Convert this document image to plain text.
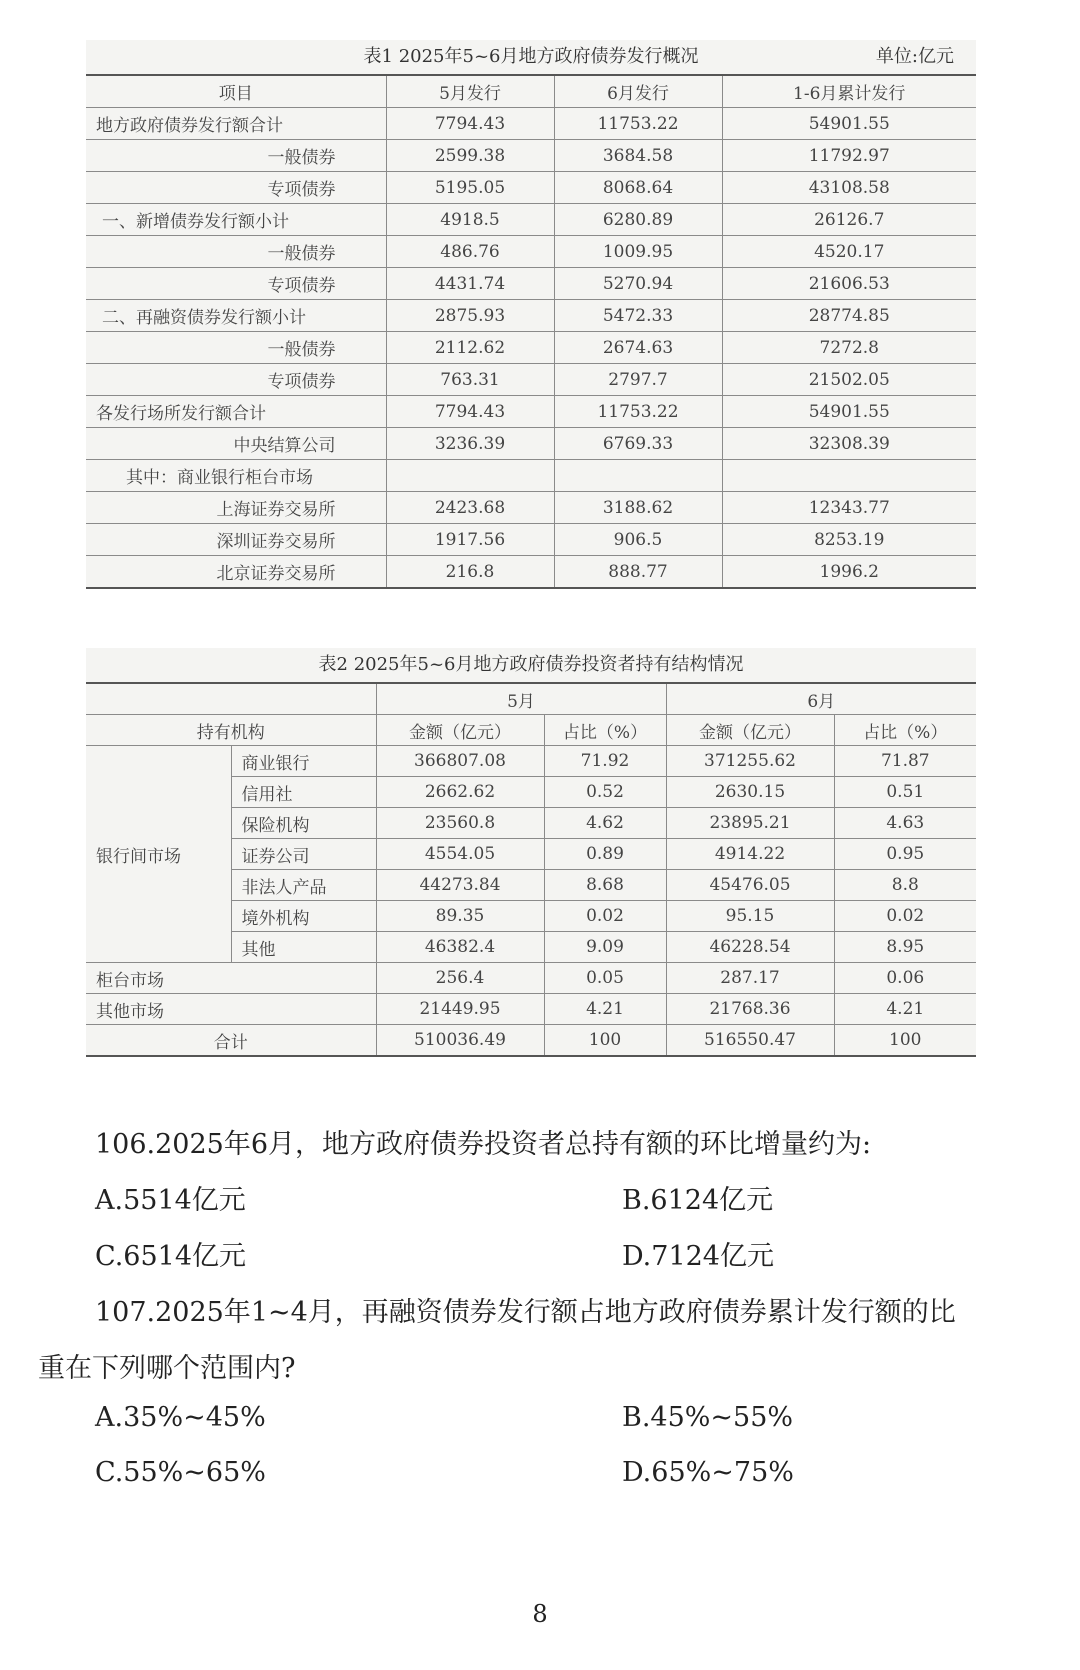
表1 2025年5~6月地方政府债券发行概况	单位:亿元
项目	5月发行	6月发行	1-6月累计发行
地方政府债券发行额合计	7794.43	11753.22	54901.55
一般债券	2599.38	3684.58	11792.97
专项债券	5195.05	8068.64	43108.58
一、新增债券发行额小计	4918.5	6280.89	26126.7
一般债券	486.76	1009.95	4520.17
专项债券	4431.74	5270.94	21606.53
二、再融资债券发行额小计	2875.93	5472.33	28774.85
一般债券	2112.62	2674.63	7272.8
专项债券	763.31	2797.7	21502.05
各发行场所发行额合计	7794.43	11753.22	54901.55
中央结算公司	3236.39	6769.33	32308.39
其中：商业银行柜台市场			
上海证券交易所	2423.68	3188.62	12343.77
深圳证券交易所	1917.56	906.5	8253.19
北京证券交易所	216.8	888.77	1996.2
表2 2025年5~6月地方政府债券投资者持有结构情况
		5月		6月	
持有机构		金额（亿元）	占比（%）	金额（亿元）	占比（%）
银行间市场	商业银行	366807.08	71.92	371255.62	71.87
	信用社	2662.62	0.52	2630.15	0.51
	保险机构	23560.8	4.62	23895.21	4.63
	证券公司	4554.05	0.89	4914.22	0.95
	非法人产品	44273.84	8.68	45476.05	8.8
	境外机构	89.35	0.02	95.15	0.02
	其他	46382.4	9.09	46228.54	8.95
柜台市场		256.4	0.05	287.17	0.06
其他市场		21449.95	4.21	21768.36	4.21
合计		510036.49	100	516550.47	100
106.2025年6月，地方政府债券投资者总持有额的环比增量约为:
A.5514亿元	B.6124亿元
C.6514亿元	D.7124亿元
107.2025年1~4月，再融资债券发行额占地方政府债券累计发行额的比
重在下列哪个范围内?
A.35%~45%	B.45%~55%
C.55%~65%	D.65%~75%
8
